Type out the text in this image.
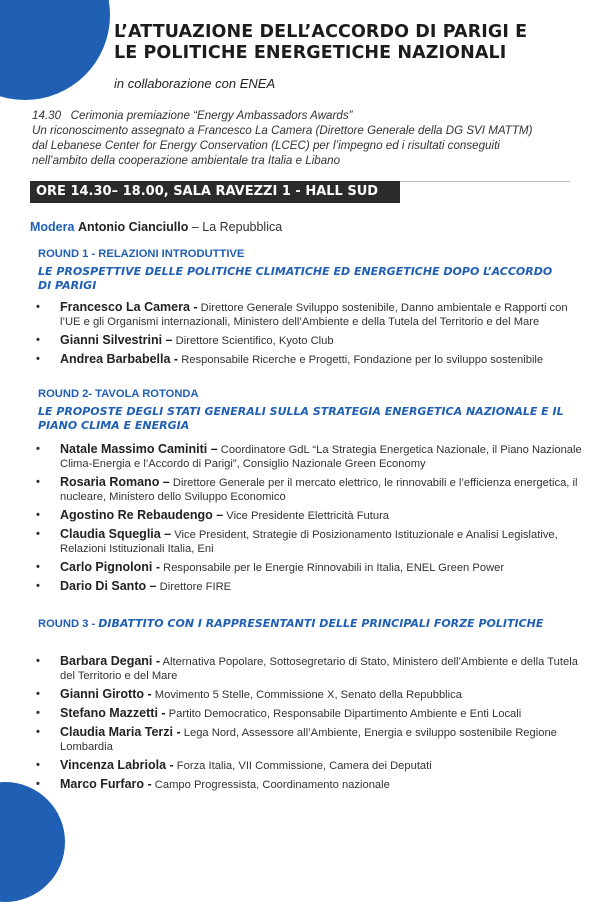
L’ATTUAZIONE DELL’ACCORDO DI PARIGI E
LE POLITICHE ENERGETICHE NAZIONALI
in collaborazione con ENEA
14.30   Cerimonia premiazione “Energy Ambassadors Awards”
Un riconoscimento assegnato a Francesco La Camera (Direttore Generale della DG SVI MATTM)
dal Lebanese Center for Energy Conservation (LCEC) per l’impegno ed i risultati conseguiti
nell’ambito della cooperazione ambientale tra Italia e Libano
ORE 14.30– 18.00, SALA RAVEZZI 1 - HALL SUD
Modera Antonio Cianciullo – La Repubblica
ROUND 1 - RELAZIONI INTRODUTTIVE
LE PROSPETTIVE DELLE POLITICHE CLIMATICHE ED ENERGETICHE DOPO L’ACCORDO DI PARIGI
• Francesco La Camera - Direttore Generale Sviluppo sostenibile, Danno ambientale e Rapporti con l’UE e gli Organismi internazionali, Ministero dell’Ambiente e della Tutela del Territorio e del Mare
• Gianni Silvestrini – Direttore Scientifico, Kyoto Club
• Andrea Barbabella - Responsabile Ricerche e Progetti, Fondazione per lo sviluppo sostenibile
ROUND 2- TAVOLA ROTONDA
LE PROPOSTE DEGLI STATI GENERALI SULLA STRATEGIA ENERGETICA NAZIONALE E IL PIANO CLIMA E ENERGIA
• Natale Massimo Caminiti – Coordinatore GdL “La Strategia Energetica Nazionale, il Piano Nazionale Clima-Energia e l’Accordo di Parigi”, Consiglio Nazionale Green Economy
• Rosaria Romano – Direttore Generale per il mercato elettrico, le rinnovabili e l’efficienza energetica, il nucleare, Ministero dello Sviluppo Economico
• Agostino Re Rebaudengo – Vice Presidente Elettricità Futura
• Claudia Squeglia – Vice President, Strategie di Posizionamento Istituzionale e Analisi Legislative, Relazioni Istituzionali Italia, Eni
• Carlo Pignoloni - Responsabile per le Energie Rinnovabili in Italia, ENEL Green Power
• Dario Di Santo – Direttore FIRE
ROUND 3 - DIBATTITO CON I RAPPRESENTANTI DELLE PRINCIPALI FORZE POLITICHE
• Barbara Degani - Alternativa Popolare, Sottosegretario di Stato, Ministero dell’Ambiente e della Tutela del Territorio e del Mare
• Gianni Girotto - Movimento 5 Stelle, Commissione X, Senato della Repubblica
• Stefano Mazzetti - Partito Democratico, Responsabile Dipartimento Ambiente e Enti Locali
• Claudia Maria Terzi - Lega Nord, Assessore all’Ambiente, Energia e sviluppo sostenibile Regione Lombardia
• Vincenza Labriola - Forza Italia, VII Commissione, Camera dei Deputati
• Marco Furfaro - Campo Progressista, Coordinamento nazionale
